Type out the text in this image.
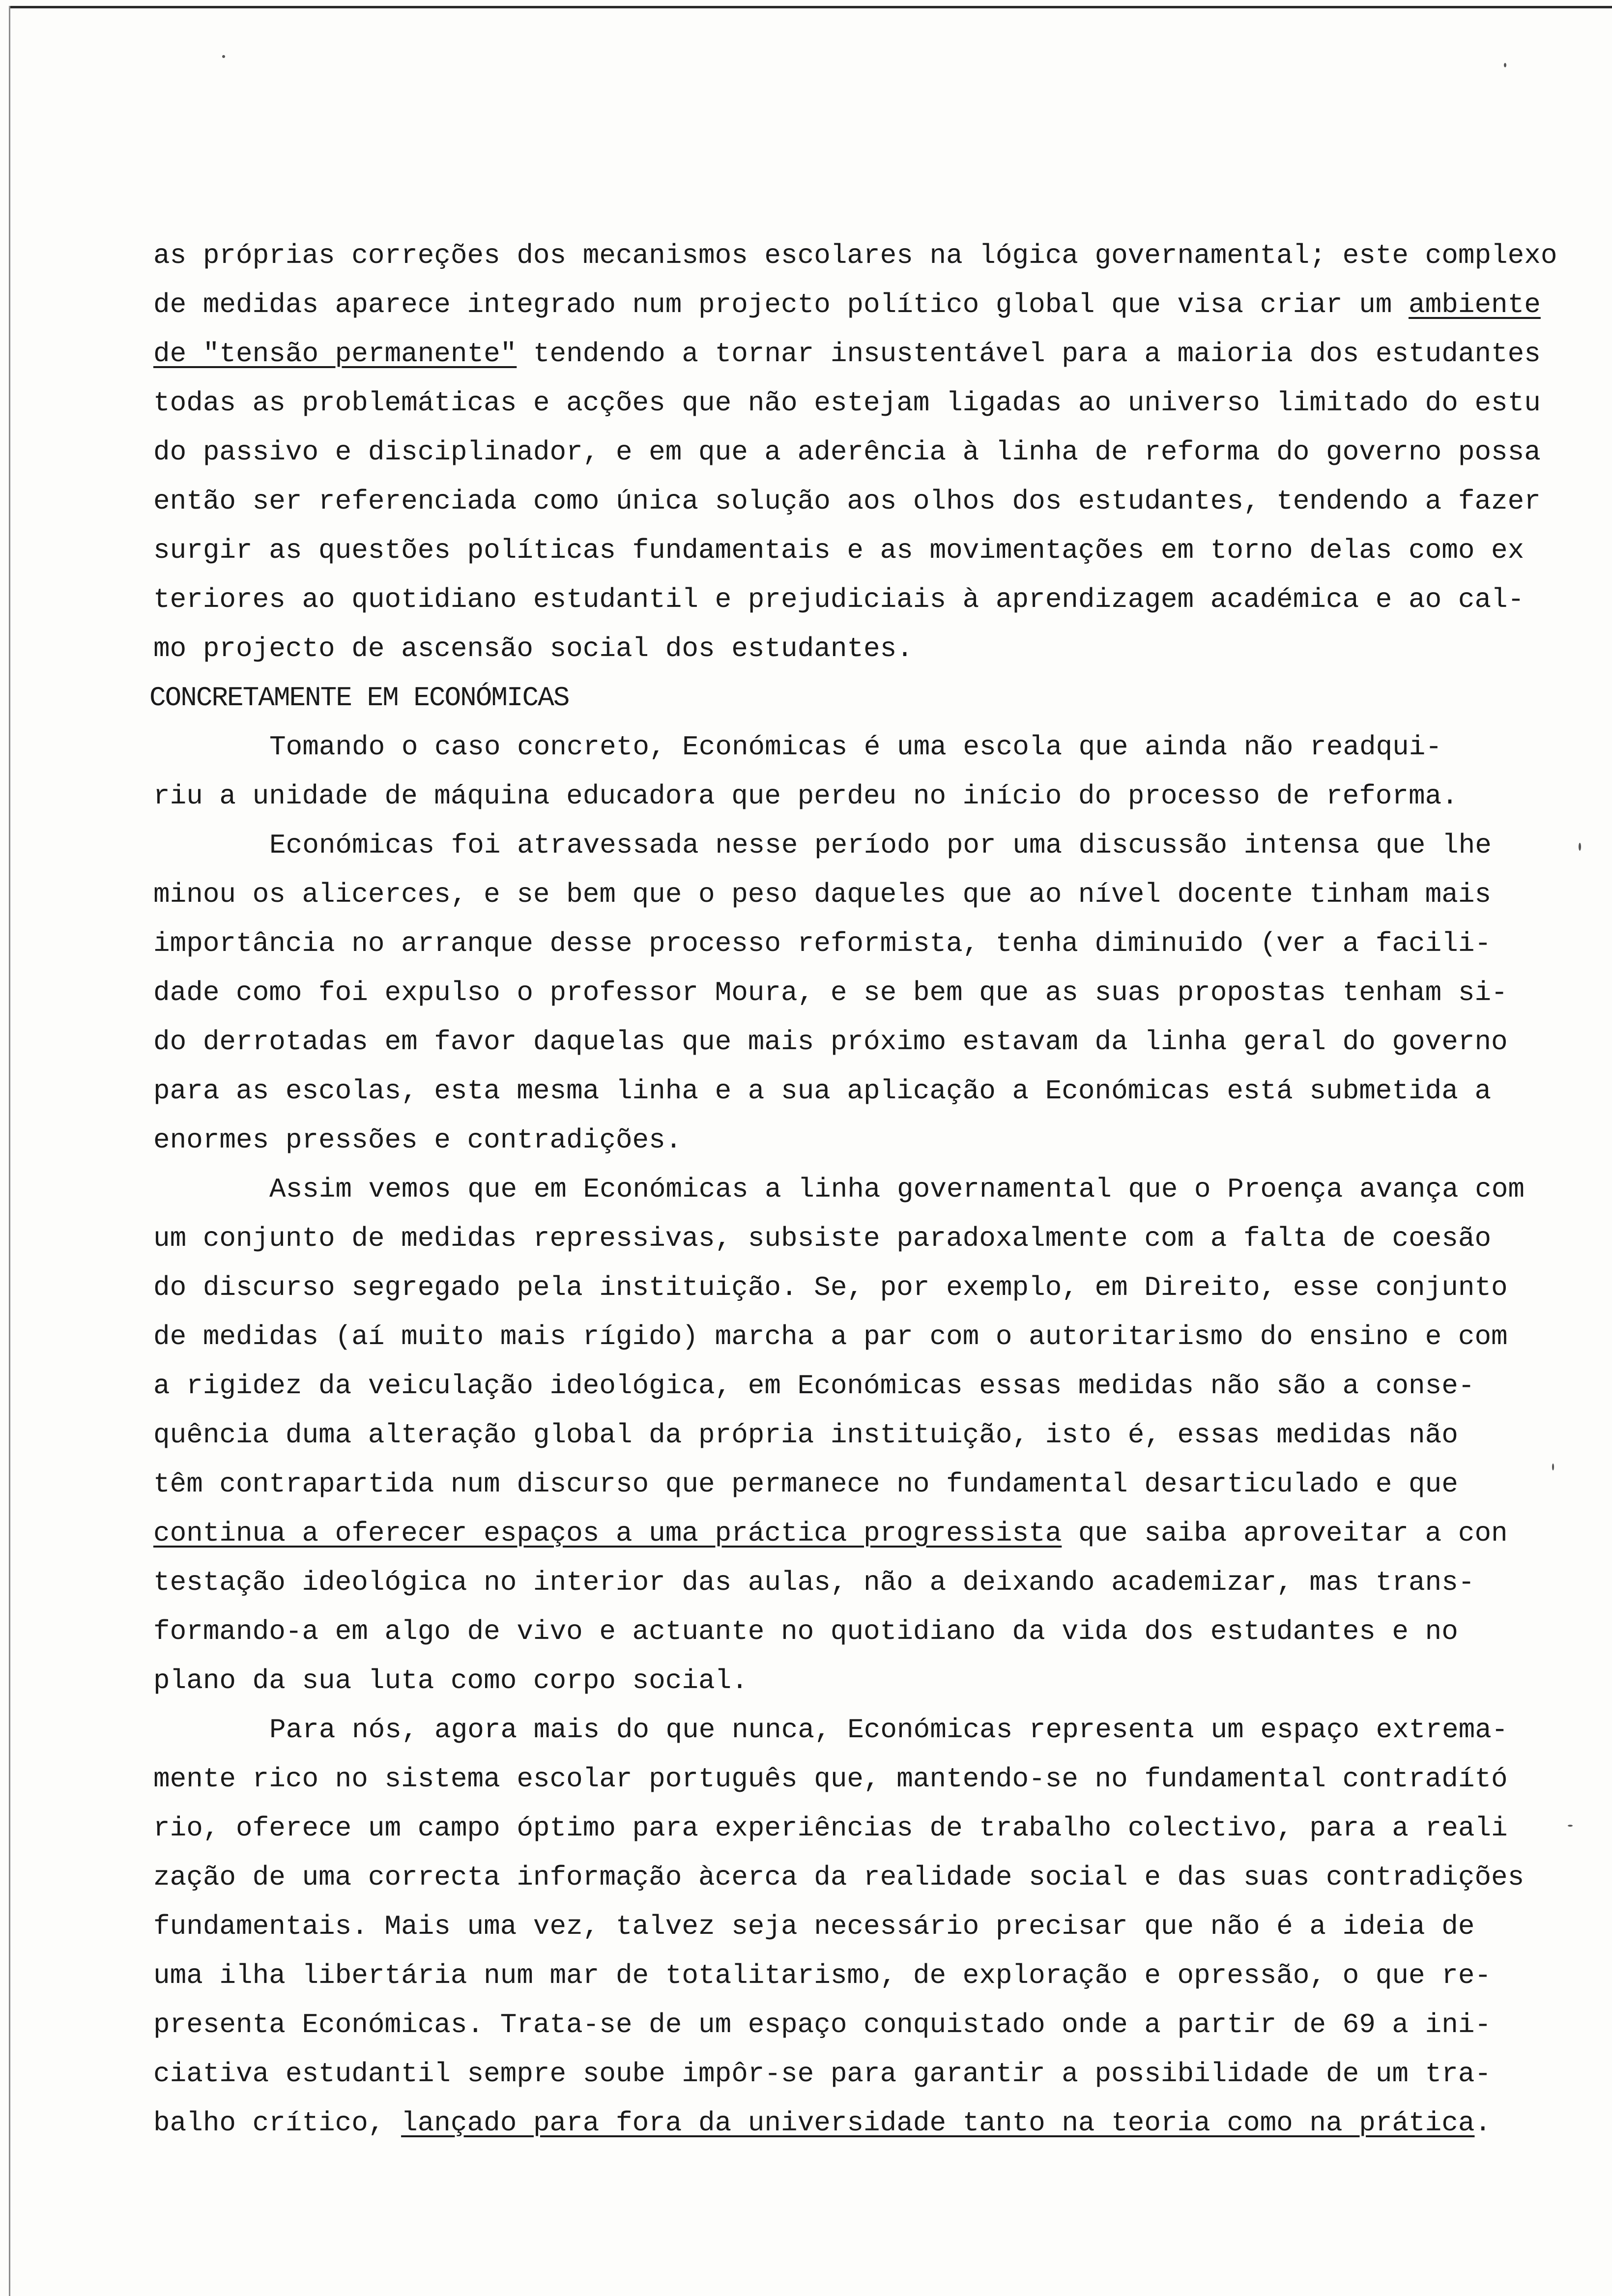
as próprias correções dos mecanismos escolares na lógica governamental; este complexo
de medidas aparece integrado num projecto político global que visa criar um ambiente
de "tensão permanente" tendendo a tornar insustentável para a maioria dos estudantes
todas as problemáticas e acções que não estejam ligadas ao universo limitado do estu
do passivo e disciplinador, e em que a aderência à linha de reforma do governo possa
então ser referenciada como única solução aos olhos dos estudantes, tendendo a fazer
surgir as questões políticas fundamentais e as movimentações em torno delas como ex
teriores ao quotidiano estudantil e prejudiciais à aprendizagem académica e ao cal-
mo projecto de ascensão social dos estudantes.
CONCRETAMENTE EM ECONÓMICAS
Tomando o caso concreto, Económicas é uma escola que ainda não readqui-
riu a unidade de máquina educadora que perdeu no início do processo de reforma.
Económicas foi atravessada nesse período por uma discussão intensa que lhe
minou os alicerces, e se bem que o peso daqueles que ao nível docente tinham mais
importância no arranque desse processo reformista, tenha diminuido (ver a facili-
dade como foi expulso o professor Moura, e se bem que as suas propostas tenham si-
do derrotadas em favor daquelas que mais próximo estavam da linha geral do governo
para as escolas, esta mesma linha e a sua aplicação a Económicas está submetida a
enormes pressões e contradições.
Assim vemos que em Económicas a linha governamental que o Proença avança com
um conjunto de medidas repressivas, subsiste paradoxalmente com a falta de coesão
do discurso segregado pela instituição. Se, por exemplo, em Direito, esse conjunto
de medidas (aí muito mais rígido) marcha a par com o autoritarismo do ensino e com
a rigidez da veiculação ideológica, em Económicas essas medidas não são a conse-
quência duma alteração global da própria instituição, isto é, essas medidas não
têm contrapartida num discurso que permanece no fundamental desarticulado e que
continua a oferecer espaços a uma práctica progressista que saiba aproveitar a con
testação ideológica no interior das aulas, não a deixando academizar, mas trans-
formando-a em algo de vivo e actuante no quotidiano da vida dos estudantes e no
plano da sua luta como corpo social.
Para nós, agora mais do que nunca, Económicas representa um espaço extrema-
mente rico no sistema escolar português que, mantendo-se no fundamental contradító
rio, oferece um campo óptimo para experiências de trabalho colectivo, para a reali
zação de uma correcta informação àcerca da realidade social e das suas contradições
fundamentais. Mais uma vez, talvez seja necessário precisar que não é a ideia de
uma ilha libertária num mar de totalitarismo, de exploração e opressão, o que re-
presenta Económicas. Trata-se de um espaço conquistado onde a partir de 69 a ini-
ciativa estudantil sempre soube impôr-se para garantir a possibilidade de um tra-
balho crítico, lançado para fora da universidade tanto na teoria como na prática.
